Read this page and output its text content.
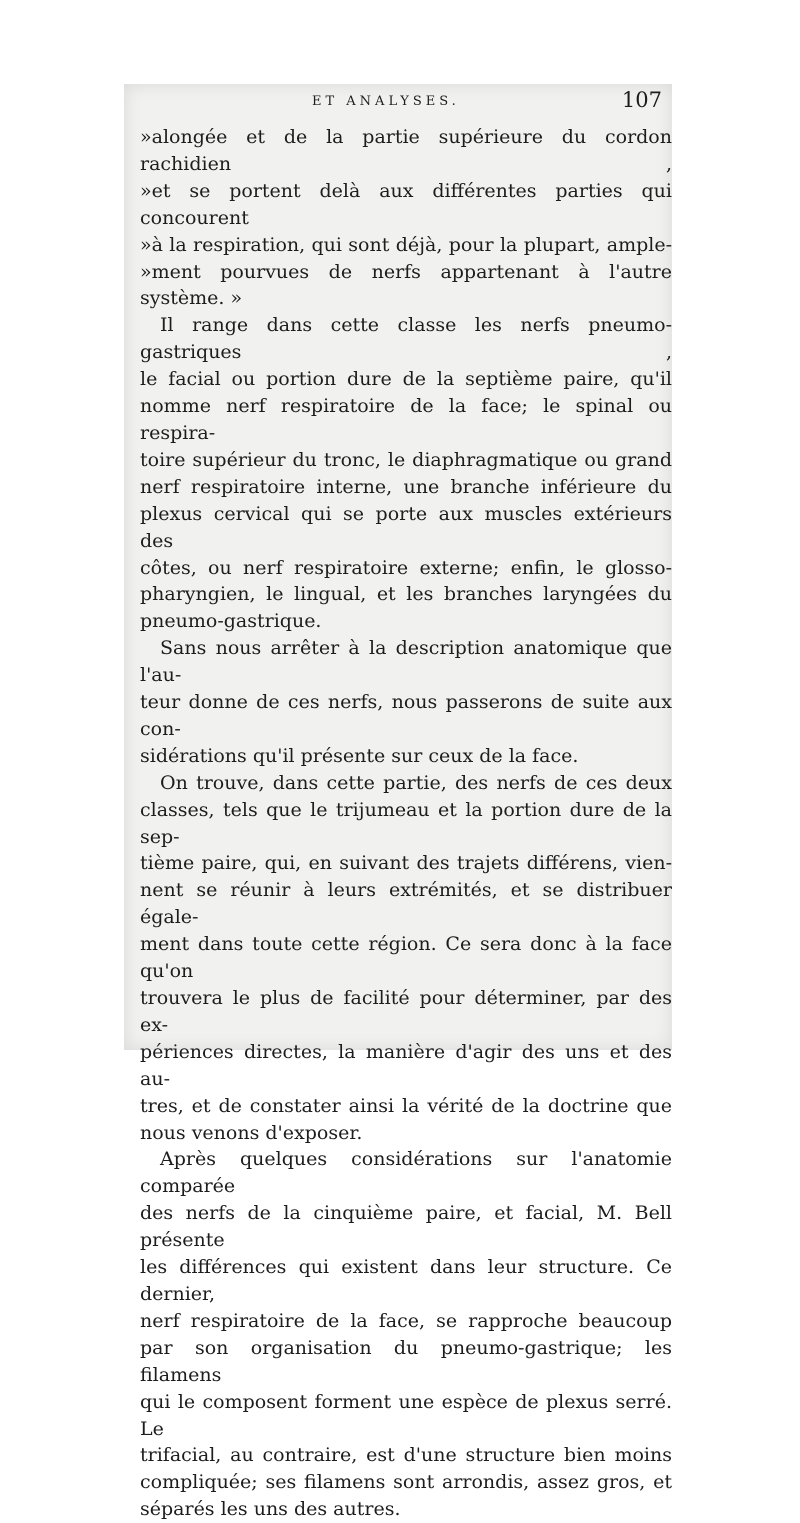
ET ANALYSES.	107

»alongée et de la partie supérieure du cordon rachidien ,

»et se portent delà aux différentes parties qui concourent

»à la respiration, qui sont déjà, pour la plupart, ample-

»ment pourvues de nerfs appartenant à l'autre système. »

Il range dans cette classe les nerfs pneumo-gastriques ,

le facial ou portion dure de la septième paire, qu'il

nomme nerf respiratoire de la face; le spinal ou respira-

toire supérieur du tronc, le diaphragmatique ou grand

nerf respiratoire interne, une branche inférieure du

plexus cervical qui se porte aux muscles extérieurs des

côtes, ou nerf respiratoire externe; enfin, le glosso-

pharyngien, le lingual, et les branches laryngées du

pneumo-gastrique.

Sans nous arrêter à la description anatomique que l'au-

teur donne de ces nerfs, nous passerons de suite aux con-

sidérations qu'il présente sur ceux de la face.

On trouve, dans cette partie, des nerfs de ces deux

classes, tels que le trijumeau et la portion dure de la sep-

tième paire, qui, en suivant des trajets différens, vien-

nent se réunir à leurs extrémités, et se distribuer égale-

ment dans toute cette région. Ce sera donc à la face qu'on

trouvera le plus de facilité pour déterminer, par des ex-

périences directes, la manière d'agir des uns et des au-

tres, et de constater ainsi la vérité de la doctrine que

nous venons d'exposer.

Après quelques considérations sur l'anatomie comparée

des nerfs de la cinquième paire, et facial, M. Bell présente

les différences qui existent dans leur structure. Ce dernier,

nerf respiratoire de la face, se rapproche beaucoup

par son organisation du pneumo-gastrique; les filamens

qui le composent forment une espèce de plexus serré. Le

trifacial, au contraire, est d'une structure bien moins

compliquée; ses filamens sont arrondis, assez gros, et

séparés les uns des autres.
